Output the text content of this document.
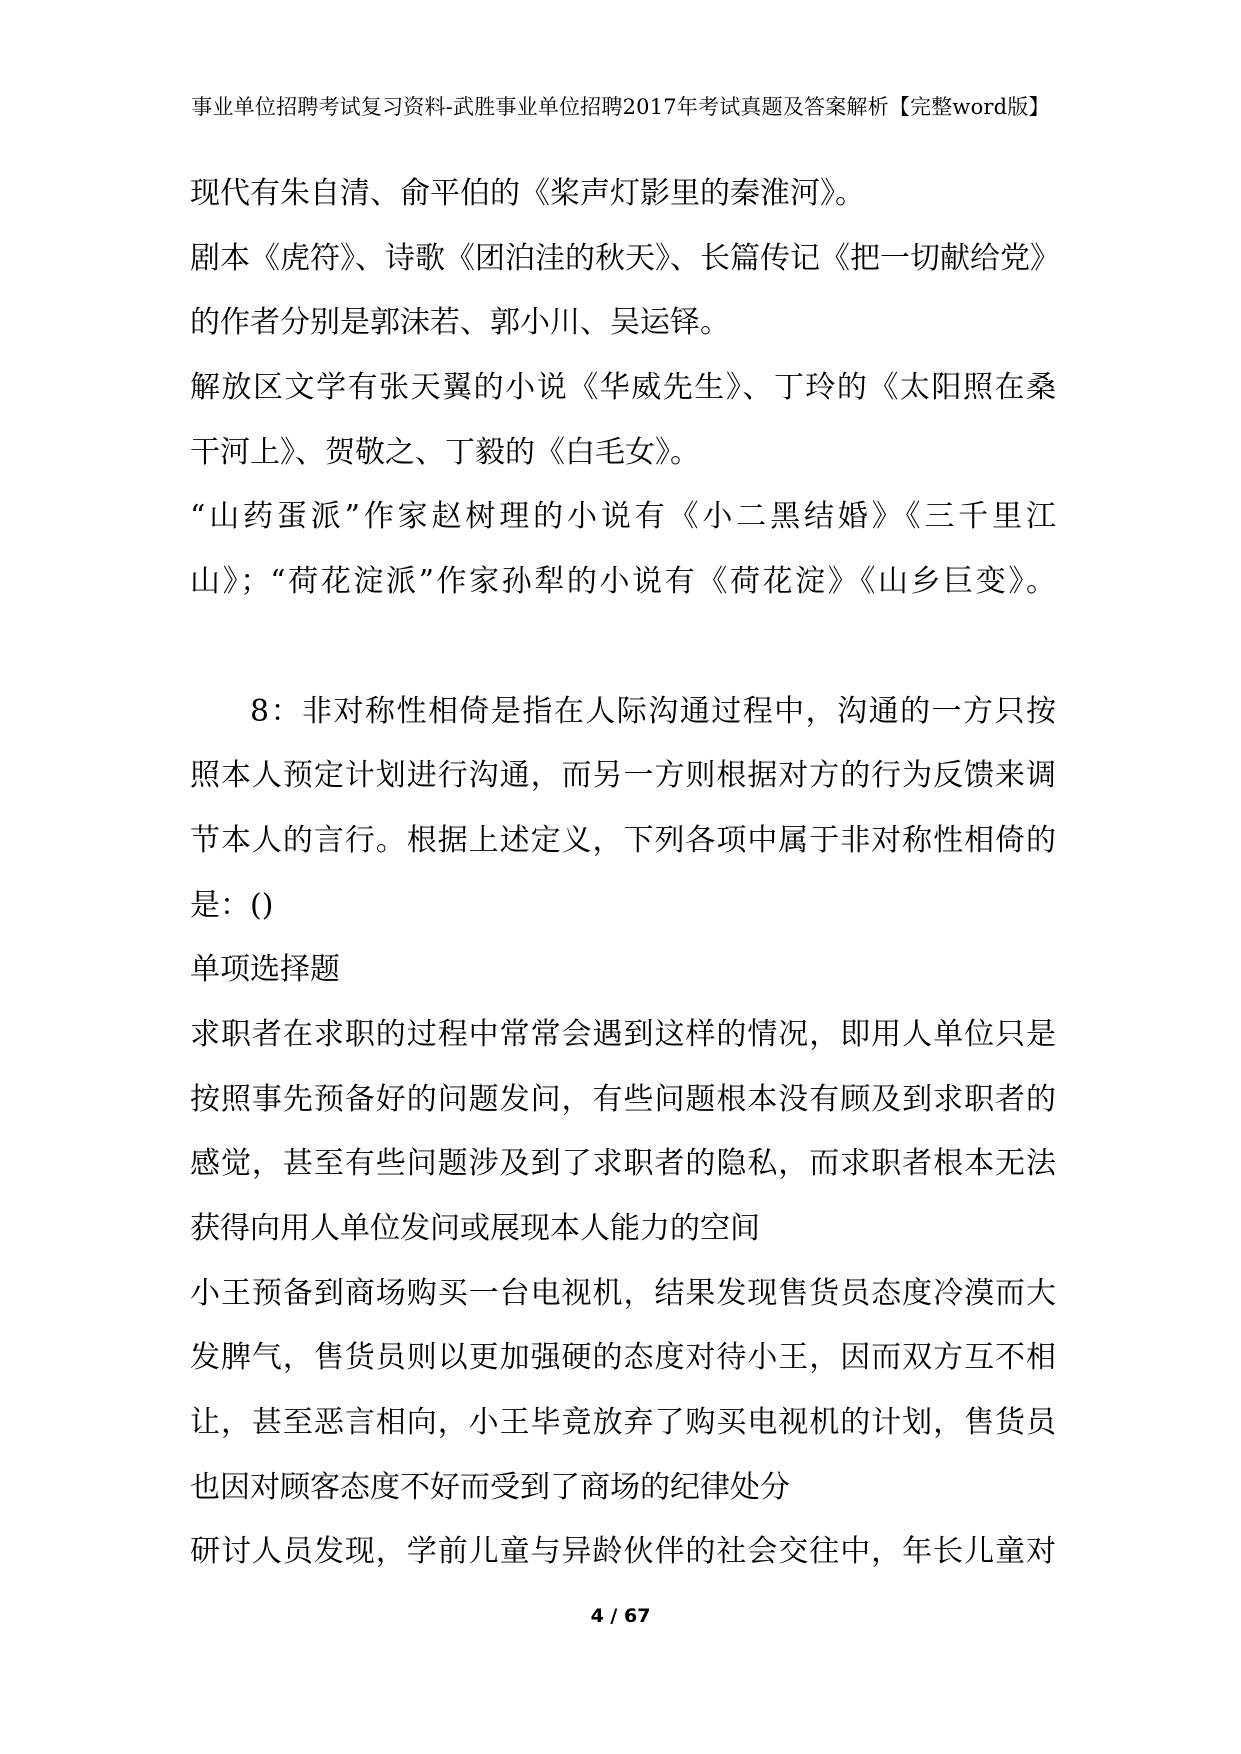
事业单位招聘考试复习资料-武胜事业单位招聘2017年考试真题及答案解析【完整word版】
现代有朱自清、俞平伯的《桨声灯影里的秦淮河》。
剧本《虎符》、诗歌《团泊洼的秋天》、长篇传记《把一切献给党》
的作者分别是郭沫若、郭小川、吴运铎。
解放区文学有张天翼的小说《华威先生》、丁玲的《太阳照在桑
干河上》、贺敬之、丁毅的《白毛女》。
“山药蛋派”作家赵树理的小说有《小二黑结婚》《三千里江
山》；“荷花淀派”作家孙犁的小说有《荷花淀》《山乡巨变》。
8：非对称性相倚是指在人际沟通过程中，沟通的一方只按
照本人预定计划进行沟通，而另一方则根据对方的行为反馈来调
节本人的言行。根据上述定义，下列各项中属于非对称性相倚的
是：()
单项选择题
求职者在求职的过程中常常会遇到这样的情况，即用人单位只是
按照事先预备好的问题发问，有些问题根本没有顾及到求职者的
感觉，甚至有些问题涉及到了求职者的隐私，而求职者根本无法
获得向用人单位发问或展现本人能力的空间
小王预备到商场购买一台电视机，结果发现售货员态度冷漠而大
发脾气，售货员则以更加强硬的态度对待小王，因而双方互不相
让，甚至恶言相向，小王毕竟放弃了购买电视机的计划，售货员
也因对顾客态度不好而受到了商场的纪律处分
研讨人员发现，学前儿童与异龄伙伴的社会交往中，年长儿童对
4 / 67
